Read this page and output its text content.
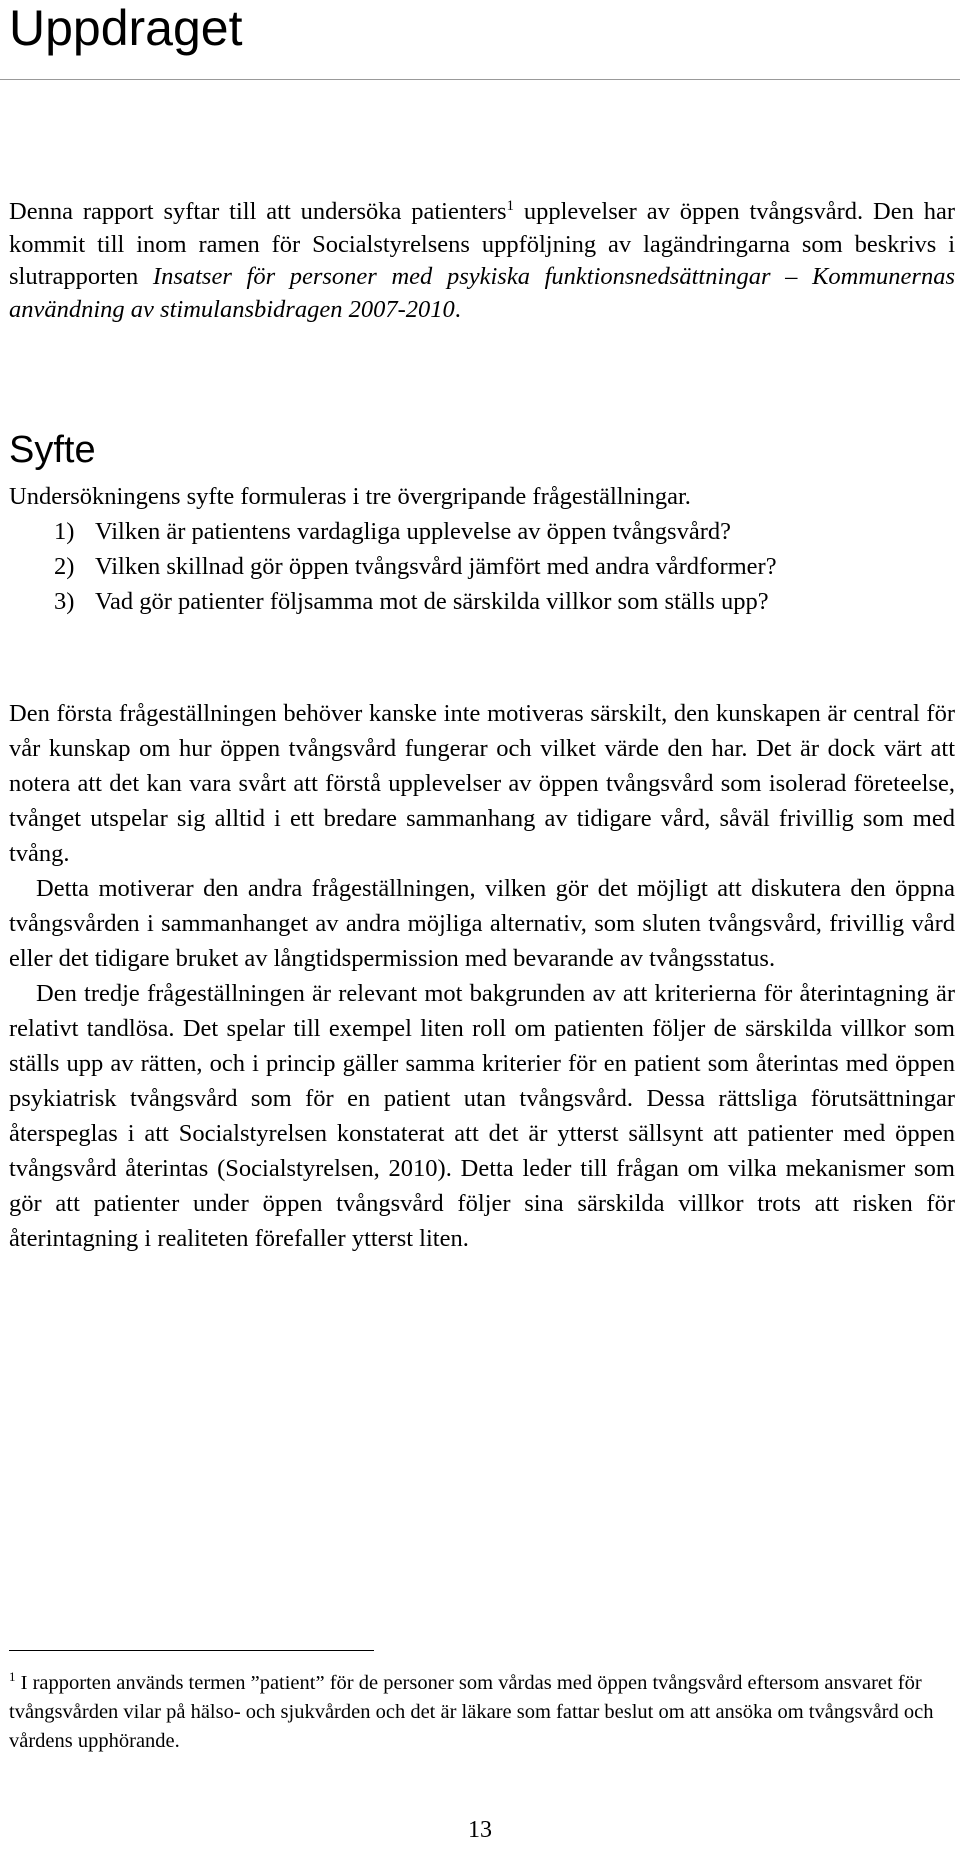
Uppdraget

Denna rapport syftar till att undersöka patienters$^1$ upplevelser av öppen tvångsvård. Den har kommit till inom ramen för Socialstyrelsens uppföljning av lagändringarna som beskrivs i slutrapporten Insatser för personer med psykiska funktionsnedsättningar – Kommunernas användning av stimulansbidragen 2007-2010.

Syfte

Undersökningens syfte formuleras i tre övergripande frågeställningar.

1) Vilken är patientens vardagliga upplevelse av öppen tvångsvård?
2) Vilken skillnad gör öppen tvångsvård jämfört med andra vårdformer?
3) Vad gör patienter följsamma mot de särskilda villkor som ställs upp?

Den första frågeställningen behöver kanske inte motiveras särskilt, den kunskapen är central för vår kunskap om hur öppen tvångsvård fungerar och vilket värde den har. Det är dock värt att notera att det kan vara svårt att förstå upplevelser av öppen tvångsvård som isolerad företeelse, tvånget utspelar sig alltid i ett bredare sammanhang av tidigare vård, såväl frivillig som med tvång.

Detta motiverar den andra frågeställningen, vilken gör det möjligt att diskutera den öppna tvångsvården i sammanhanget av andra möjliga alternativ, som sluten tvångsvård, frivillig vård eller det tidigare bruket av långtidspermission med bevarande av tvångsstatus.

Den tredje frågeställningen är relevant mot bakgrunden av att kriterierna för återintagning är relativt tandlösa. Det spelar till exempel liten roll om patienten följer de särskilda villkor som ställs upp av rätten, och i princip gäller samma kriterier för en patient som återintas med öppen psykiatrisk tvångsvård som för en patient utan tvångsvård. Dessa rättsliga förutsättningar återspeglas i att Socialstyrelsen konstaterat att det är ytterst sällsynt att patienter med öppen tvångsvård återintas (Socialstyrelsen, 2010). Detta leder till frågan om vilka mekanismer som gör att patienter under öppen tvångsvård följer sina särskilda villkor trots att risken för återintagning i realiteten förefaller ytterst liten.

$^1$ I rapporten används termen ”patient” för de personer som vårdas med öppen tvångsvård eftersom ansvaret för tvångsvården vilar på hälso- och sjukvården och det är läkare som fattar beslut om att ansöka om tvångsvård och vårdens upphörande.

13
